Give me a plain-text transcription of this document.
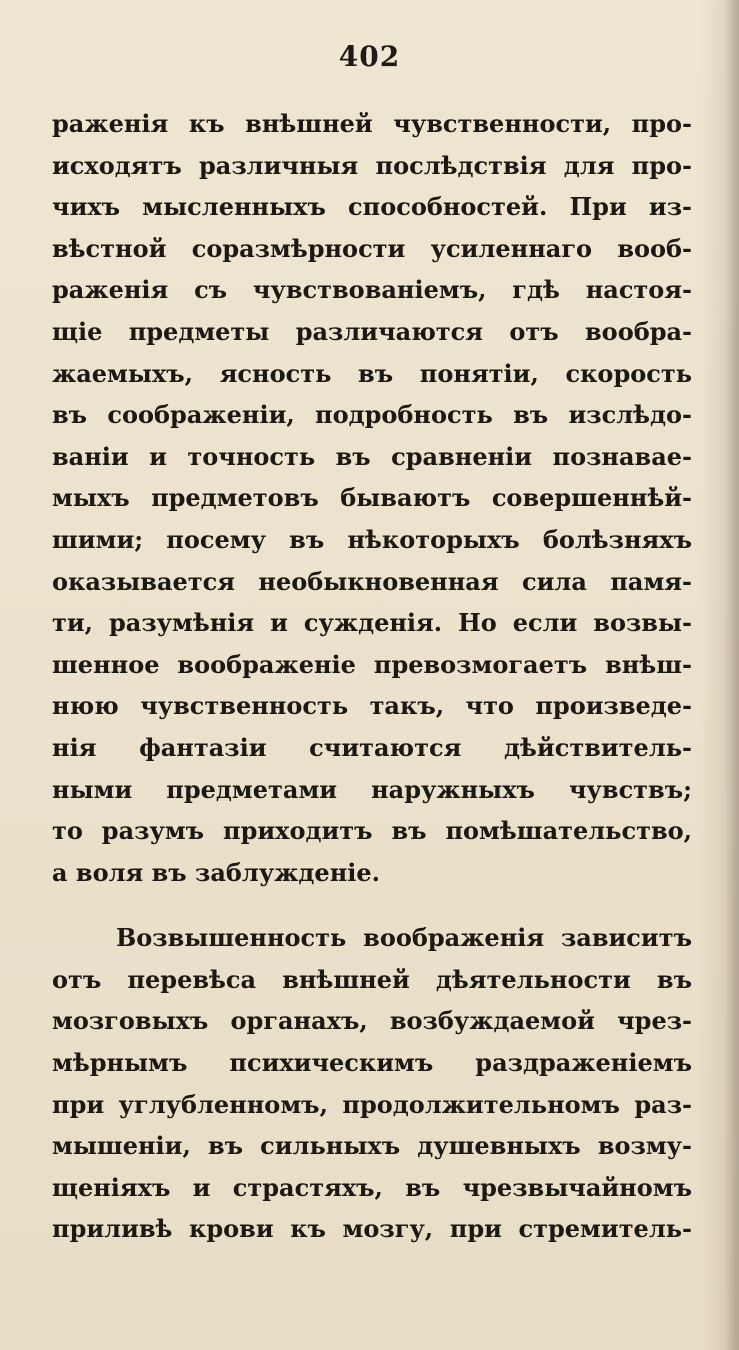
402
раженія къ внѣшней чувственности, про-
исходятъ различныя послѣдствія для про-
чихъ мысленныхъ способностей. При из-
вѣстной соразмѣрности усиленнаго вооб-
раженія съ чувствованіемъ, гдѣ настоя-
щіе предметы различаются отъ вообра-
жаемыхъ, ясность въ понятіи, скорость
въ соображеніи, подробность въ изслѣдо-
ваніи и точность въ сравненіи познавае-
мыхъ предметовъ бываютъ совершеннѣй-
шими; посему въ нѣкоторыхъ болѣзняхъ
оказывается необыкновенная сила памя-
ти, разумѣнія и сужденія. Но если возвы-
шенное воображеніе превозмогаетъ внѣш-
нюю чувственность такъ, что произведе-
нія фантазіи считаются дѣйствитель-
ными предметами наружныхъ чувствъ;
то разумъ приходитъ въ помѣшательство,
а воля въ заблужденіе.
Возвышенность воображенія зависитъ
отъ перевѣса внѣшней дѣятельности въ
мозговыхъ органахъ, возбуждаемой чрез-
мѣрнымъ психическимъ раздраженіемъ
при углубленномъ, продолжительномъ раз-
мышеніи, въ сильныхъ душевныхъ возму-
щеніяхъ и страстяхъ, въ чрезвычайномъ
приливѣ крови къ мозгу, при стремитель-
